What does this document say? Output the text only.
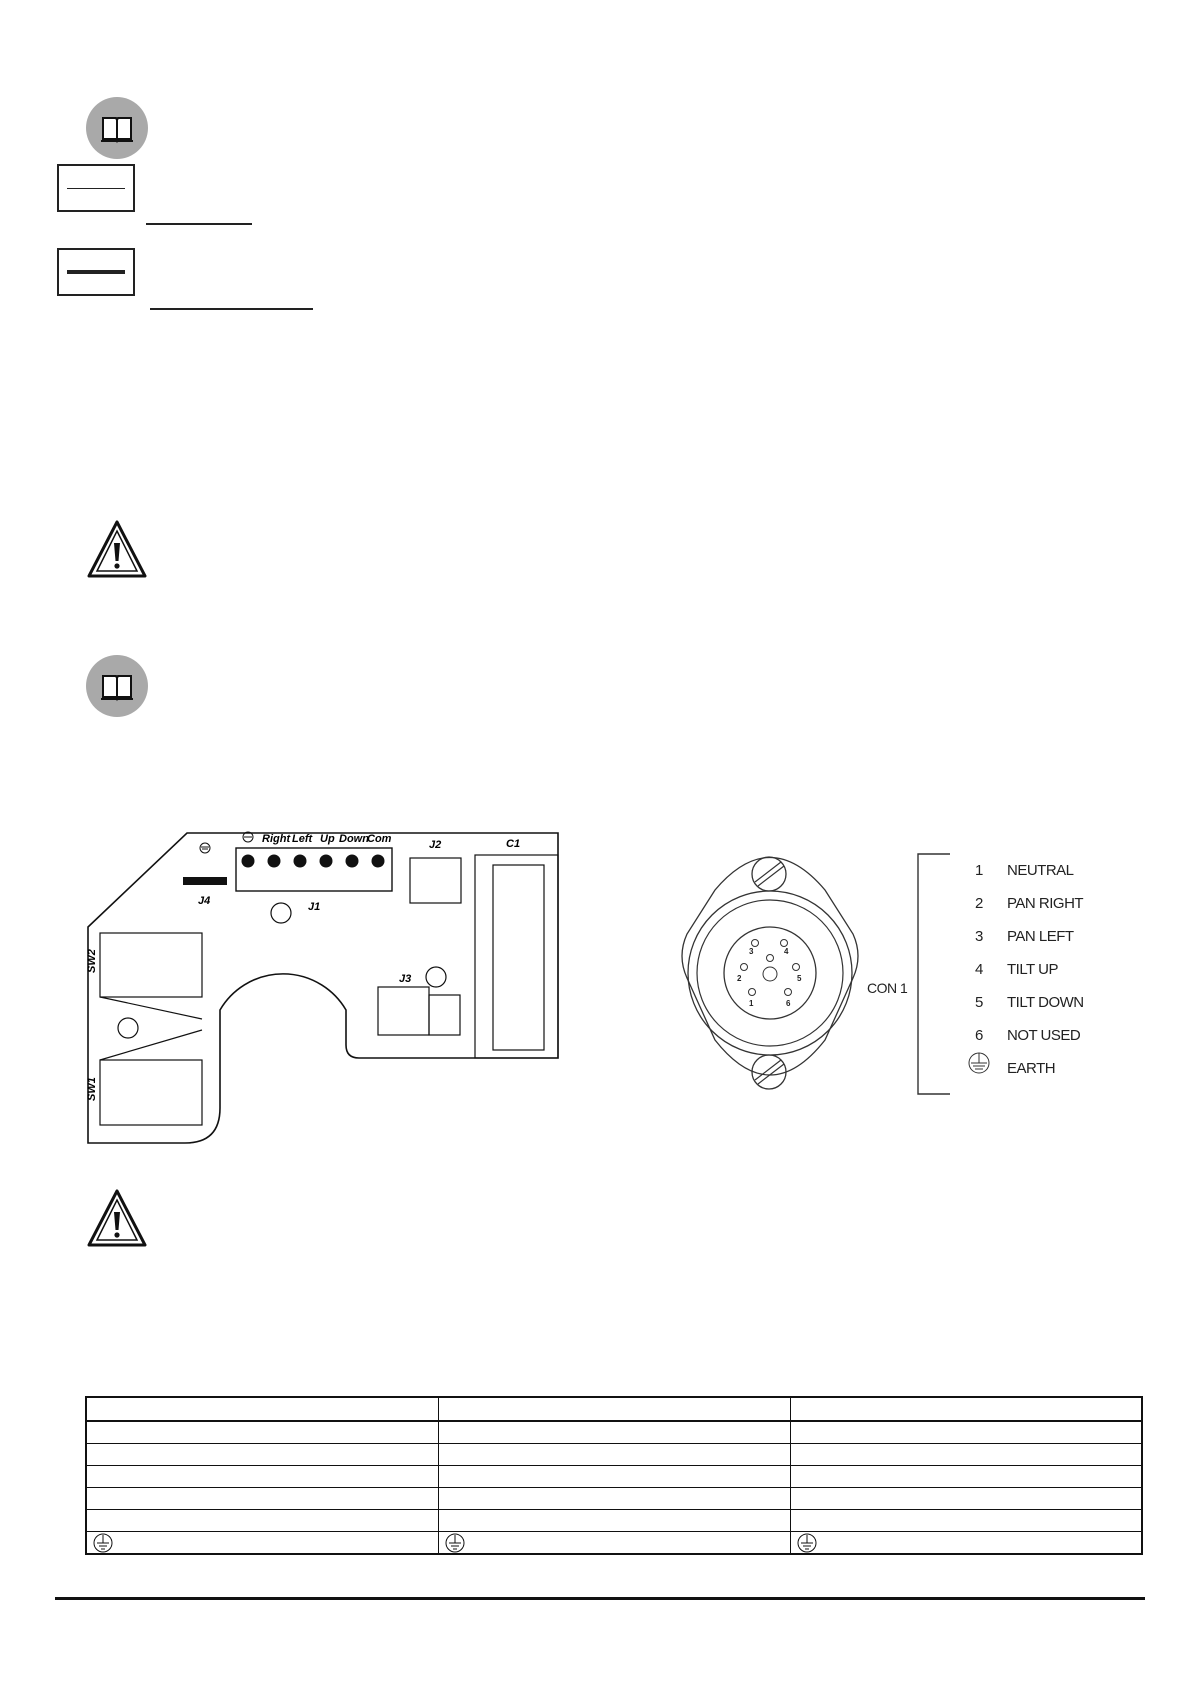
J4
Right Left Up Down
Com
J1
J2	C1
J3
SW2
SW1
3	4
2	5
1	6
CON 1
1 NEUTRAL
2 PAN RIGHT
3 PAN LEFT
4 TILT UP
5 TILT DOWN
6 NOT USED
EARTH
